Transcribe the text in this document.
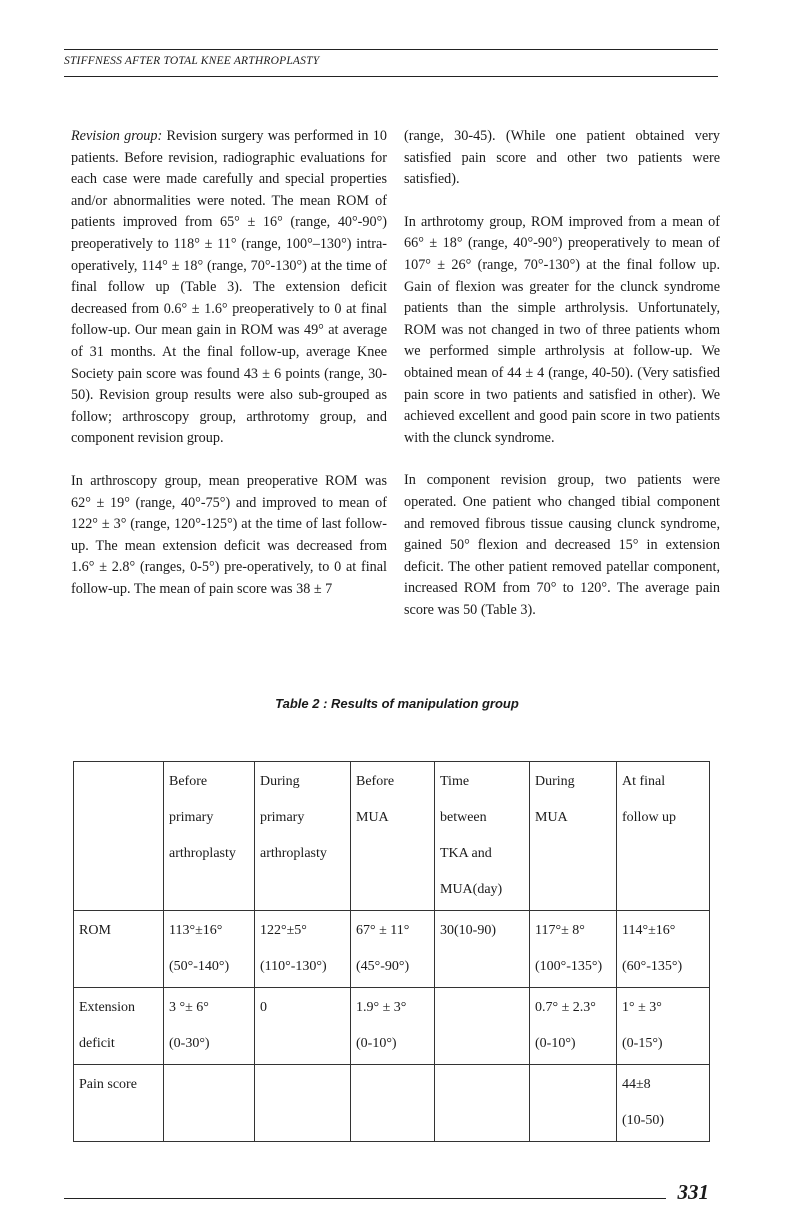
STIFFNESS AFTER TOTAL KNEE ARTHROPLASTY

Revision group: Revision surgery was performed in 10 patients. Before revision, radiographic evaluations for each case were made carefully and special properties and/or abnormalities were noted. The mean ROM of patients improved from 65° ± 16° (range, 40°-90°) preoperatively to 118° ± 11° (range, 100°–130°) intra-operatively, 114° ± 18° (range, 70°-130°) at the time of final follow up (Table 3). The extension deficit decreased from 0.6° ± 1.6° preoperatively to 0 at final follow-up. Our mean gain in ROM was 49° at average of 31 months. At the final follow-up, average Knee Society pain score was found 43 ± 6 points (range, 30-50). Revision group results were also sub-grouped as follow; arthroscopy group, arthrotomy group, and component revision group.

In arthroscopy group, mean preoperative ROM was 62° ± 19° (range, 40°-75°) and improved to mean of 122° ± 3° (range, 120°-125°) at the time of last follow-up. The mean extension deficit was decreased from 1.6° ± 2.8° (ranges, 0-5°) pre-operatively, to 0 at final follow-up. The mean of pain score was 38 ± 7

(range, 30-45). (While one patient obtained very satisfied pain score and other two patients were satisfied).

In arthrotomy group, ROM improved from a mean of 66° ± 18° (range, 40°-90°) preoperatively to mean of 107° ± 26° (range, 70°-130°) at the final follow up. Gain of flexion was greater for the clunck syndrome patients than the simple arthrolysis. Unfortunately, ROM was not changed in two of three patients whom we performed simple arthrolysis at follow-up. We obtained mean of 44 ± 4 (range, 40-50). (Very satisfied pain score in two patients and satisfied in other). We achieved excellent and good pain score in two patients with the clunck syndrome.

In component revision group, two patients were operated. One patient who changed tibial component and removed fibrous tissue causing clunck syndrome, gained 50° flexion and decreased 15° in extension deficit. The other patient removed patellar component, increased ROM from 70° to 120°. The average pain score was 50 (Table 3).

Table 2 : Results of manipulation group

	Before
primary
arthroplasty	During
primary
arthroplasty	Before
MUA	Time
between
TKA and
MUA(day)	During
MUA	At final
follow up

ROM	113°±16°
(50°-140°)	122°±5°
(110°-130°)	67° ± 11°
(45°-90°)	30(10-90)	117°± 8°
(100°-135°)	114°±16°
(60°-135°)

Extension
deficit	3 °± 6°
(0-30°)	0	1.9° ± 3°
(0-10°)		0.7° ± 2.3°
(0-10°)	1° ± 3°
(0-15°)

Pain score						44±8
(10-50)
331
